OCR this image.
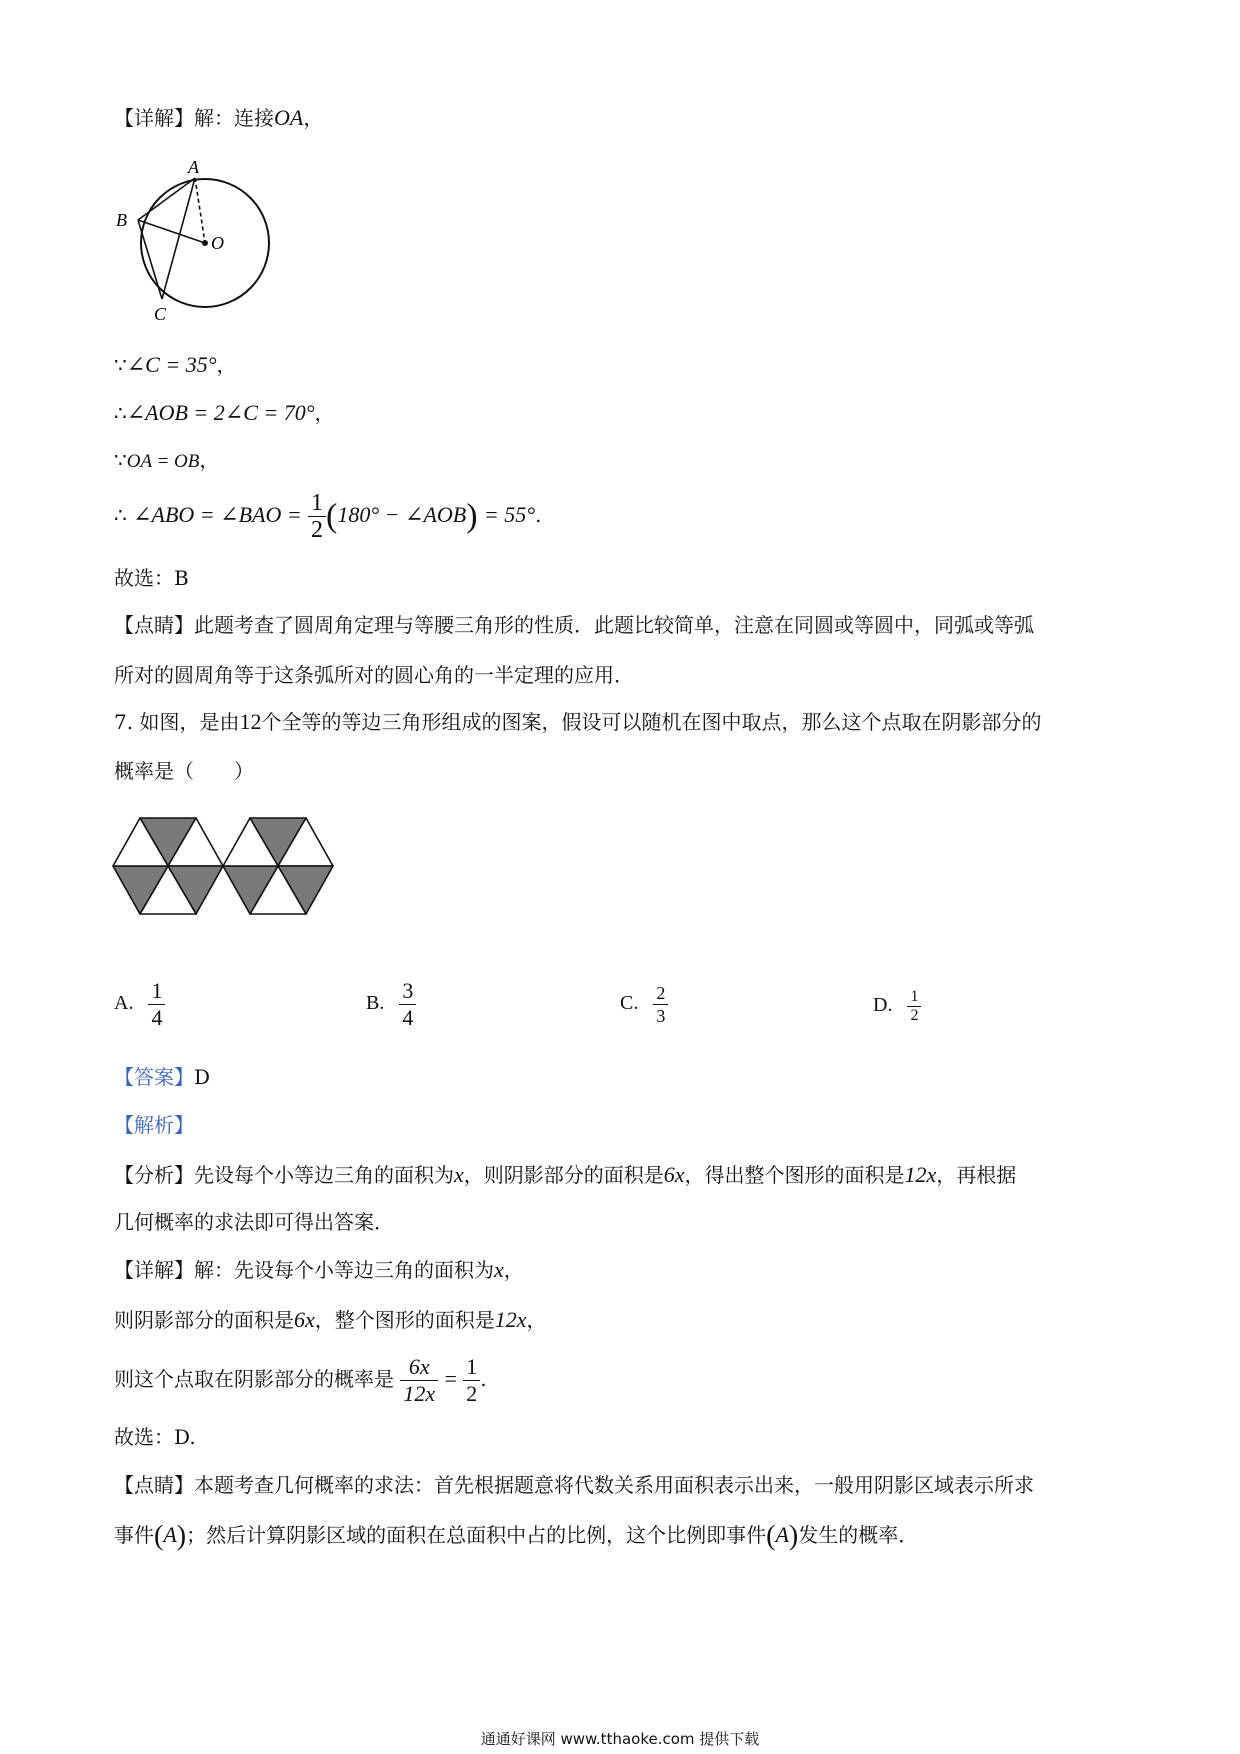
【详解】解：连接OA，
A
B
C
O
∵∠C = 35°，
∴∠AOB = 2∠C = 70°，
∵OA = OB，
∴ ∠ABO = ∠BAO = $\frac{1}{2} (180^\circ$ − ∠AOB) = 55°.
故选：B
【点睛】此题考查了圆周角定理与等腰三角形的性质．此题比较简单，注意在同圆或等圆中，同弧或等弧
所对的圆周角等于这条弧所对的圆心角的一半定理的应用．
7. 如图，是由12个全等的等边三角形组成的图案，假设可以随机在图中取点，那么这个点取在阴影部分的
概率是（　　）
A. $\frac{1}{4}$	B. $\frac{3}{4}$	C. $\frac{2}{3}$	D. $\frac{1}{2}$
【答案】D
【解析】
【分析】先设每个小等边三角的面积为x，则阴影部分的面积是6x，得出整个图形的面积是12x，再根据
几何概率的求法即可得出答案．
【详解】解：先设每个小等边三角的面积为x，
则阴影部分的面积是6x，整个图形的面积是12x，
则这个点取在阴影部分的概率是 $\frac{6x}{12x} = \frac{1}{2}$ .
故选：D.
【点睛】本题考查几何概率的求法：首先根据题意将代数关系用面积表示出来，一般用阴影区域表示所求
事件(A)；然后计算阴影区域的面积在总面积中占的比例，这个比例即事件(A)发生的概率．
通通好课网 www.tthaoke.com 提供下载
